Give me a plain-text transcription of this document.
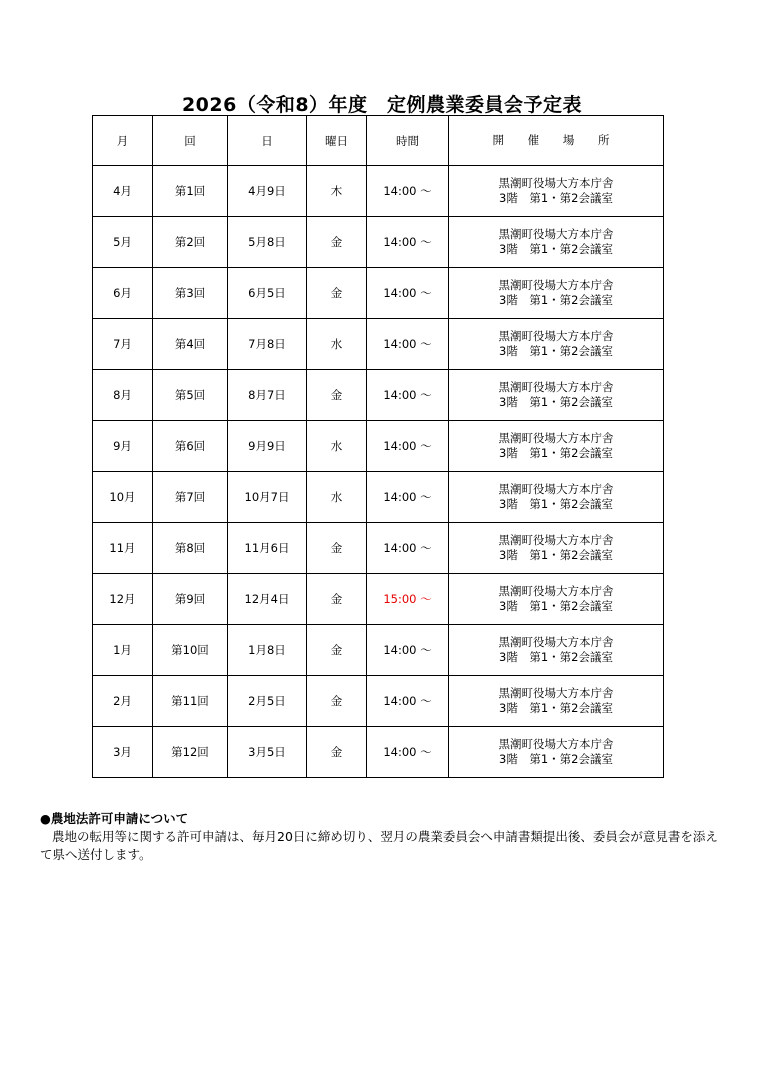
2026（令和8）年度　定例農業委員会予定表
月	回	日	曜日	時間	開 催 場 所
4月	第1回	4月9日	木	14:00 ～	黒潮町役場大方本庁舎
3階　第1・第2会議室

5月	第2回	5月8日	金	14:00 ～	黒潮町役場大方本庁舎
3階　第1・第2会議室

6月	第3回	6月5日	金	14:00 ～	黒潮町役場大方本庁舎
3階　第1・第2会議室

7月	第4回	7月8日	水	14:00 ～	黒潮町役場大方本庁舎
3階　第1・第2会議室

8月	第5回	8月7日	金	14:00 ～	黒潮町役場大方本庁舎
3階　第1・第2会議室

9月	第6回	9月9日	水	14:00 ～	黒潮町役場大方本庁舎
3階　第1・第2会議室

10月	第7回	10月7日	水	14:00 ～	黒潮町役場大方本庁舎
3階　第1・第2会議室

11月	第8回	11月6日	金	14:00 ～	黒潮町役場大方本庁舎
3階　第1・第2会議室

12月	第9回	12月4日	金	15:00 ～	黒潮町役場大方本庁舎
3階　第1・第2会議室

1月	第10回	1月8日	金	14:00 ～	黒潮町役場大方本庁舎
3階　第1・第2会議室

2月	第11回	2月5日	金	14:00 ～	黒潮町役場大方本庁舎
3階　第1・第2会議室

3月	第12回	3月5日	金	14:00 ～	黒潮町役場大方本庁舎
3階　第1・第2会議室
●農地法許可申請について
農地の転用等に関する許可申請は、毎月20日に締め切り、翌月の農業委員会へ申請書類提出後、委員会が意見書を添えて県へ送付します。
